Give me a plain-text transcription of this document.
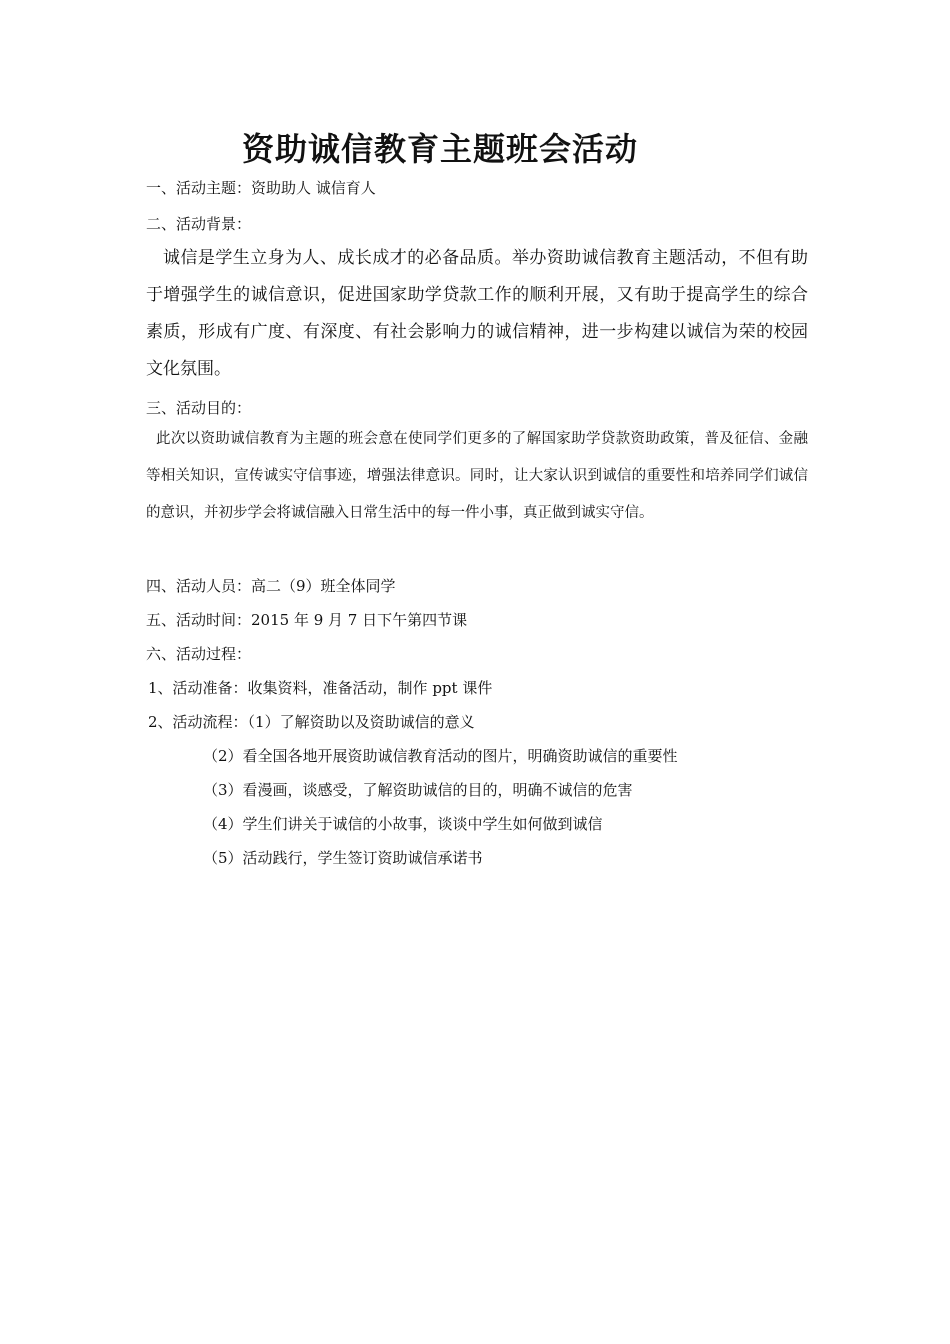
资助诚信教育主题班会活动
一、活动主题：资助助人 诚信育人
二、活动背景：
诚信是学生立身为人、成长成才的必备品质。举办资助诚信教育主题活动，不但有助于增强学生的诚信意识，促进国家助学贷款工作的顺利开展，又有助于提高学生的综合素质，形成有广度、有深度、有社会影响力的诚信精神，进一步构建以诚信为荣的校园文化氛围。
三、活动目的：
此次以资助诚信教育为主题的班会意在使同学们更多的了解国家助学贷款资助政策，普及征信、金融等相关知识，宣传诚实守信事迹，增强法律意识。同时，让大家认识到诚信的重要性和培养同学们诚信的意识，并初步学会将诚信融入日常生活中的每一件小事，真正做到诚实守信。
四、活动人员：高二（9）班全体同学
五、活动时间：2015 年 9 月 7 日下午第四节课
六、活动过程：
1、活动准备：收集资料，准备活动，制作 ppt 课件
2、活动流程：（1）了解资助以及资助诚信的意义
（2）看全国各地开展资助诚信教育活动的图片，明确资助诚信的重要性
（3）看漫画，谈感受，了解资助诚信的目的，明确不诚信的危害
（4）学生们讲关于诚信的小故事，谈谈中学生如何做到诚信
（5）活动践行，学生签订资助诚信承诺书
